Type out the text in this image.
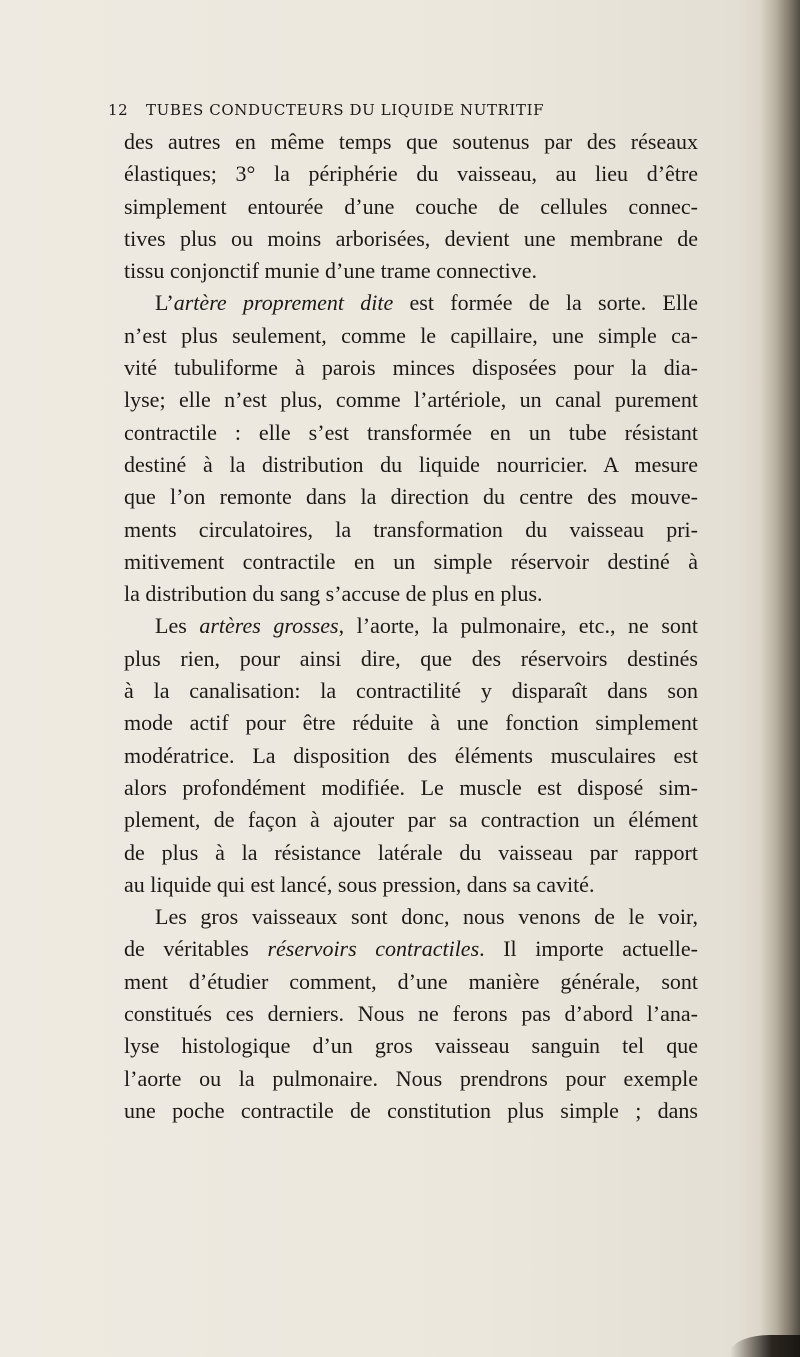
12 TUBES CONDUCTEURS DU LIQUIDE NUTRITIF
des autres en même temps que soutenus par des réseaux
élastiques; 3° la périphérie du vaisseau, au lieu d’être
simplement entourée d’une couche de cellules connec-
tives plus ou moins arborisées, devient une membrane de
tissu conjonctif munie d’une trame connective.
L’artère proprement dite est formée de la sorte. Elle
n’est plus seulement, comme le capillaire, une simple ca-
vité tubuliforme à parois minces disposées pour la dia-
lyse; elle n’est plus, comme l’artériole, un canal purement
contractile : elle s’est transformée en un tube résistant
destiné à la distribution du liquide nourricier. A mesure
que l’on remonte dans la direction du centre des mouve-
ments circulatoires, la transformation du vaisseau pri-
mitivement contractile en un simple réservoir destiné à
la distribution du sang s’accuse de plus en plus.
Les artères grosses, l’aorte, la pulmonaire, etc., ne sont
plus rien, pour ainsi dire, que des réservoirs destinés
à la canalisation: la contractilité y disparaît dans son
mode actif pour être réduite à une fonction simplement
modératrice. La disposition des éléments musculaires est
alors profondément modifiée. Le muscle est disposé sim-
plement, de façon à ajouter par sa contraction un élément
de plus à la résistance latérale du vaisseau par rapport
au liquide qui est lancé, sous pression, dans sa cavité.
Les gros vaisseaux sont donc, nous venons de le voir,
de véritables réservoirs contractiles. Il importe actuelle-
ment d’étudier comment, d’une manière générale, sont
constitués ces derniers. Nous ne ferons pas d’abord l’ana-
lyse histologique d’un gros vaisseau sanguin tel que
l’aorte ou la pulmonaire. Nous prendrons pour exemple
une poche contractile de constitution plus simple ; dans
